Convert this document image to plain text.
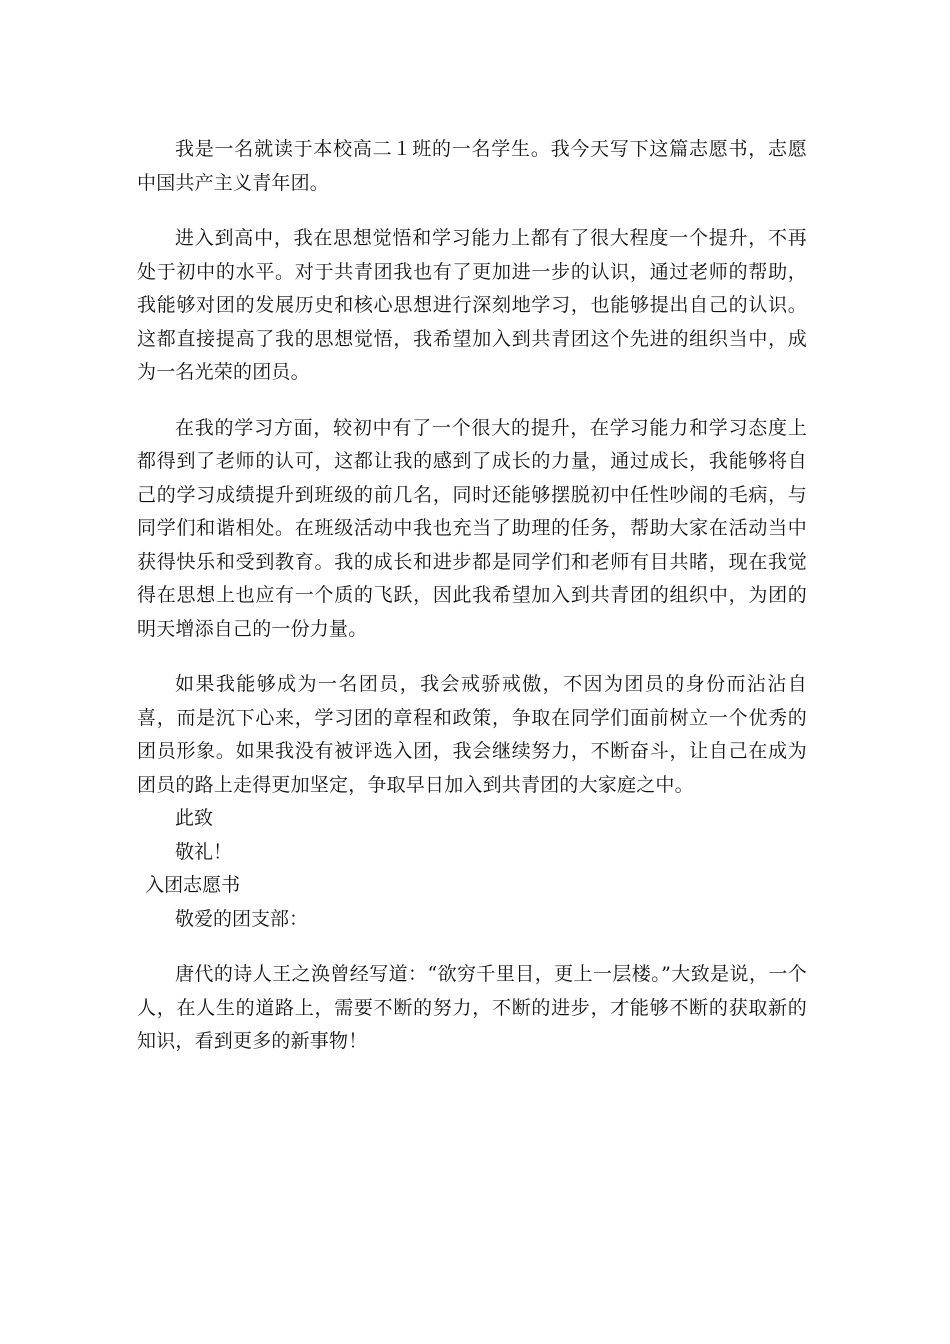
我是一名就读于本校高二１班的一名学生。我今天写下这篇志愿书，志愿中国共产主义青年团。

进入到高中，我在思想觉悟和学习能力上都有了很大程度一个提升，不再处于初中的水平。对于共青团我也有了更加进一步的认识，通过老师的帮助，我能够对团的发展历史和核心思想进行深刻地学习，也能够提出自己的认识。这都直接提高了我的思想觉悟，我希望加入到共青团这个先进的组织当中，成为一名光荣的团员。

在我的学习方面，较初中有了一个很大的提升，在学习能力和学习态度上都得到了老师的认可，这都让我的感到了成长的力量，通过成长，我能够将自己的学习成绩提升到班级的前几名，同时还能够摆脱初中任性吵闹的毛病，与同学们和谐相处。在班级活动中我也充当了助理的任务，帮助大家在活动当中获得快乐和受到教育。我的成长和进步都是同学们和老师有目共睹，现在我觉得在思想上也应有一个质的飞跃，因此我希望加入到共青团的组织中，为团的明天增添自己的一份力量。

如果我能够成为一名团员，我会戒骄戒傲，不因为团员的身份而沾沾自喜，而是沉下心来，学习团的章程和政策，争取在同学们面前树立一个优秀的团员形象。如果我没有被评选入团，我会继续努力，不断奋斗，让自己在成为团员的路上走得更加坚定，争取早日加入到共青团的大家庭之中。

此致

敬礼！

入团志愿书

敬爱的团支部：

唐代的诗人王之涣曾经写道：“欲穷千里目，更上一层楼。”大致是说，一个人，在人生的道路上，需要不断的努力，不断的进步，才能够不断的获取新的知识，看到更多的新事物！
